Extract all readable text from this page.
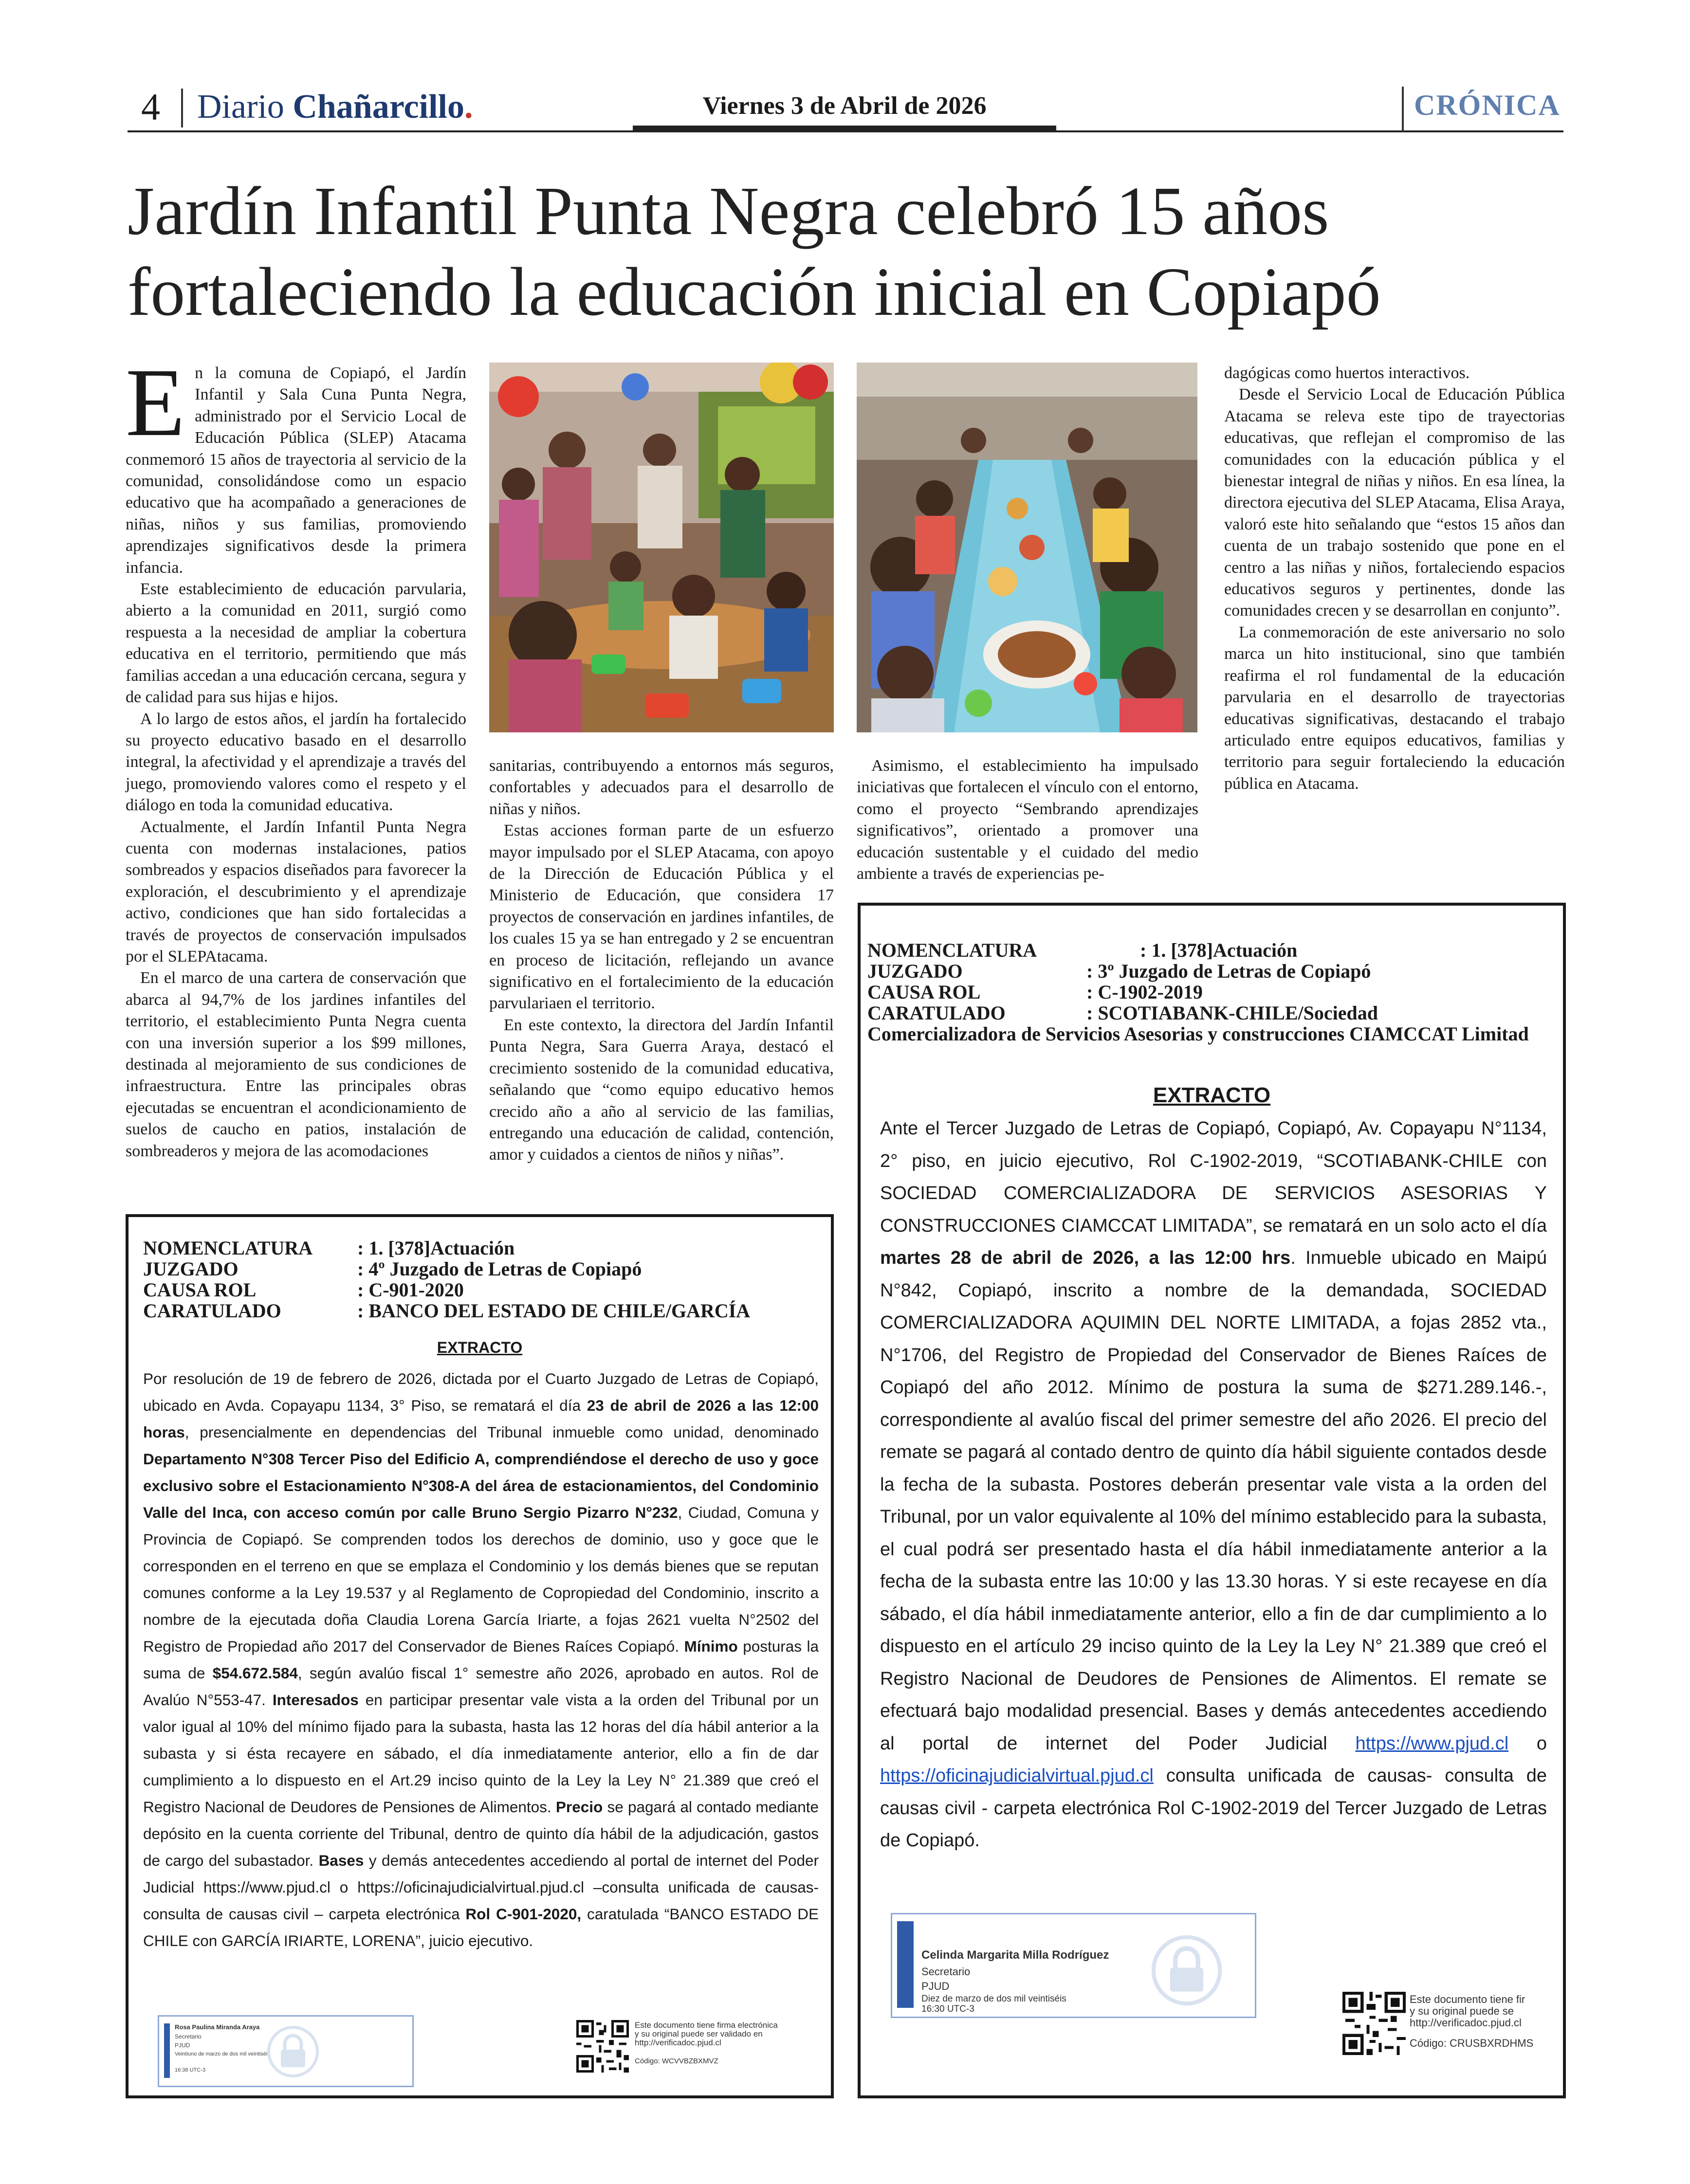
4 Diario Chañarcillo.	Viernes 3 de Abril de 2026	CRÓNICA
Jardín Infantil Punta Negra celebró 15 años fortaleciendo la educación inicial en Copiapó
E n la comuna de Copiapó, el Jardín Infantil y Sala Cuna Punta Negra, administrado por el Servicio Local de Educación Pública (SLEP) Atacama conmemoró 15 años de trayectoria al servicio de la comunidad, consolidándose como un espacio educativo que ha acompañado a generaciones de niñas, niños y sus familias, promoviendo aprendizajes significativos desde la primera infancia.

Este establecimiento de educación parvularia, abierto a la comunidad en 2011, surgió como respuesta a la necesidad de ampliar la cobertura educativa en el territorio, permitiendo que más familias accedan a una educación cercana, segura y de calidad para sus hijas e hijos.

A lo largo de estos años, el jardín ha fortalecido su proyecto educativo basado en el desarrollo integral, la afectividad y el aprendizaje a través del juego, promoviendo valores como el respeto y el diálogo en toda la comunidad educativa.

Actualmente, el Jardín Infantil Punta Negra cuenta con modernas instalaciones, patios sombreados y espacios diseñados para favorecer la exploración, el descubrimiento y el aprendizaje activo, condiciones que han sido fortalecidas a través de proyectos de conservación impulsados por el SLEPAtacama.

En el marco de una cartera de conservación que abarca al 94,7% de los jardines infantiles del territorio, el establecimiento Punta Negra cuenta con una inversión superior a los $99 millones, destinada al mejoramiento de sus condiciones de infraestructura. Entre las principales obras ejecutadas se encuentran el acondicionamiento de suelos de caucho en patios, instalación de sombreaderos y mejora de las acomodaciones

sanitarias, contribuyendo a entornos más seguros, confortables y adecuados para el desarrollo de niñas y niños.

Estas acciones forman parte de un esfuerzo mayor impulsado por el SLEP Atacama, con apoyo de la Dirección de Educación Pública y el Ministerio de Educación, que considera 17 proyectos de conservación en jardines infantiles, de los cuales 15 ya se han entregado y 2 se encuentran en proceso de licitación, reflejando un avance significativo en el fortalecimiento de la educación parvulariaen el territorio.

En este contexto, la directora del Jardín Infantil Punta Negra, Sara Guerra Araya, destacó el crecimiento sostenido de la comunidad educativa, señalando que “como equipo educativo hemos crecido año a año al servicio de las familias, entregando una educación de calidad, contención, amor y cuidados a cientos de niños y niñas”.

Asimismo, el establecimiento ha impulsado iniciativas que fortalecen el vínculo con el entorno, como el proyecto “Sembrando aprendizajes significativos”, orientado a promover una educación sustentable y el cuidado del medio ambiente a través de experiencias pe-

dagógicas como huertos interactivos.

Desde el Servicio Local de Educación Pública Atacama se releva este tipo de trayectorias educativas, que reflejan el compromiso de las comunidades con la educación pública y el bienestar integral de niñas y niños. En esa línea, la directora ejecutiva del SLEP Atacama, Elisa Araya, valoró este hito señalando que “estos 15 años dan cuenta de un trabajo sostenido que pone en el centro a las niñas y niños, fortaleciendo espacios educativos seguros y pertinentes, donde las comunidades crecen y se desarrollan en conjunto”.

La conmemoración de este aniversario no solo marca un hito institucional, sino que también reafirma el rol fundamental de la educación parvularia en el desarrollo de trayectorias educativas significativas, destacando el trabajo articulado entre equipos educativos, familias y territorio para seguir fortaleciendo la educación pública en Atacama.

NOMENCLATURA : 1. [378]Actuación
JUZGADO	: 4º Juzgado de Letras de Copiapó
CAUSA ROL	: C-901-2020
CARATULADO	: BANCO DEL ESTADO DE CHILE/GARCÍA
EXTRACTO
Por resolución de 19 de febrero de 2026, dictada por el Cuarto Juzgado de Letras de Copiapó, ubicado en Avda. Copayapu 1134, 3° Piso, se rematará el día 23 de abril de 2026 a las 12:00 horas, presencialmente en dependencias del Tribunal inmueble como unidad, denominado Departamento N°308 Tercer Piso del Edificio A, comprendiéndose el derecho de uso y goce exclusivo sobre el Estacionamiento N°308-A del área de estacionamientos, del Condominio Valle del Inca, con acceso común por calle Bruno Sergio Pizarro N°232, Ciudad, Comuna y Provincia de Copiapó. Se comprenden todos los derechos de dominio, uso y goce que le corresponden en el terreno en que se emplaza el Condominio y los demás bienes que se reputan comunes conforme a la Ley 19.537 y al Reglamento de Copropiedad del Condominio, inscrito a nombre de la ejecutada doña Claudia Lorena García Iriarte, a fojas 2621 vuelta N°2502 del Registro de Propiedad año 2017 del Conservador de Bienes Raíces Copiapó. Mínimo posturas la suma de $54.672.584, según avalúo fiscal 1° semestre año 2026, aprobado en autos. Rol de Avalúo N°553-47. Interesados en participar presentar vale vista a la orden del Tribunal por un valor igual al 10% del mínimo fijado para la subasta, hasta las 12 horas del día hábil anterior a la subasta y si ésta recayere en sábado, el día inmediatamente anterior, ello a fin de dar cumplimiento a lo dispuesto en el Art.29 inciso quinto de la Ley la Ley N° 21.389 que creó el Registro Nacional de Deudores de Pensiones de Alimentos. Precio se pagará al contado mediante depósito en la cuenta corriente del Tribunal, dentro de quinto día hábil de la adjudicación, gastos de cargo del subastador. Bases y demás antecedentes accediendo al portal de internet del Poder Judicial https://www.pjud.cl o https://oficinajudicialvirtual.pjud.cl –consulta unificada de causas- consulta de causas civil – carpeta electrónica Rol C-901-2020, caratulada “BANCO ESTADO DE CHILE con GARCÍA IRIARTE, LORENA”, juicio ejecutivo.
Rosa Paulina Miranda Araya
Secretario
PJUD
Veintiuno de marzo de dos mil veintiséis
16:38 UTC-3
Este documento tiene firma electrónica
y su original puede ser validado en
http://verificadoc.pjud.cl
Código: WCVVBZBXMVZ
NOMENCLATURA	: 1. [378]Actuación
JUZGADO	: 3º Juzgado de Letras de Copiapó
CAUSA ROL	: C-1902-2019
CARATULADO	: SCOTIABANK-CHILE/Sociedad
Comercializadora de Servicios Asesorias y construcciones CIAMCCAT Limitad
EXTRACTO
Ante el Tercer Juzgado de Letras de Copiapó, Copiapó, Av. Copayapu N°1134, 2° piso, en juicio ejecutivo, Rol C-1902-2019, “SCOTIABANK-CHILE con SOCIEDAD COMERCIALIZADORA DE SERVICIOS ASESORIAS Y CONSTRUCCIONES CIAMCCAT LIMITADA”, se rematará en un solo acto el día martes 28 de abril de 2026, a las 12:00 hrs. Inmueble ubicado en Maipú N°842, Copiapó, inscrito a nombre de la demandada, SOCIEDAD COMERCIALIZADORA AQUIMIN DEL NORTE LIMITADA, a fojas 2852 vta., N°1706, del Registro de Propiedad del Conservador de Bienes Raíces de Copiapó del año 2012. Mínimo de postura la suma de $271.289.146.-, correspondiente al avalúo fiscal del primer semestre del año 2026. El precio del remate se pagará al contado dentro de quinto día hábil siguiente contados desde la fecha de la subasta. Postores deberán presentar vale vista a la orden del Tribunal, por un valor equivalente al 10% del mínimo establecido para la subasta, el cual podrá ser presentado hasta el día hábil inmediatamente anterior a la fecha de la subasta entre las 10:00 y las 13.30 horas. Y si este recayese en día sábado, el día hábil inmediatamente anterior, ello a fin de dar cumplimiento a lo dispuesto en el artículo 29 inciso quinto de la Ley la Ley N° 21.389 que creó el Registro Nacional de Deudores de Pensiones de Alimentos. El remate se efectuará bajo modalidad presencial. Bases y demás antecedentes accediendo al portal de internet del Poder Judicial https://www.pjud.cl o https://oficinajudicialvirtual.pjud.cl consulta unificada de causas- consulta de causas civil - carpeta electrónica Rol C-1902-2019 del Tercer Juzgado de Letras de Copiapó.
Celinda Margarita Milla Rodríguez
Secretario
PJUD
Diez de marzo de dos mil veintiséis
16:30 UTC-3
Este documento tiene fir
y su original puede se
http://verificadoc.pjud.cl
Código: CRUSBXRDHMS
